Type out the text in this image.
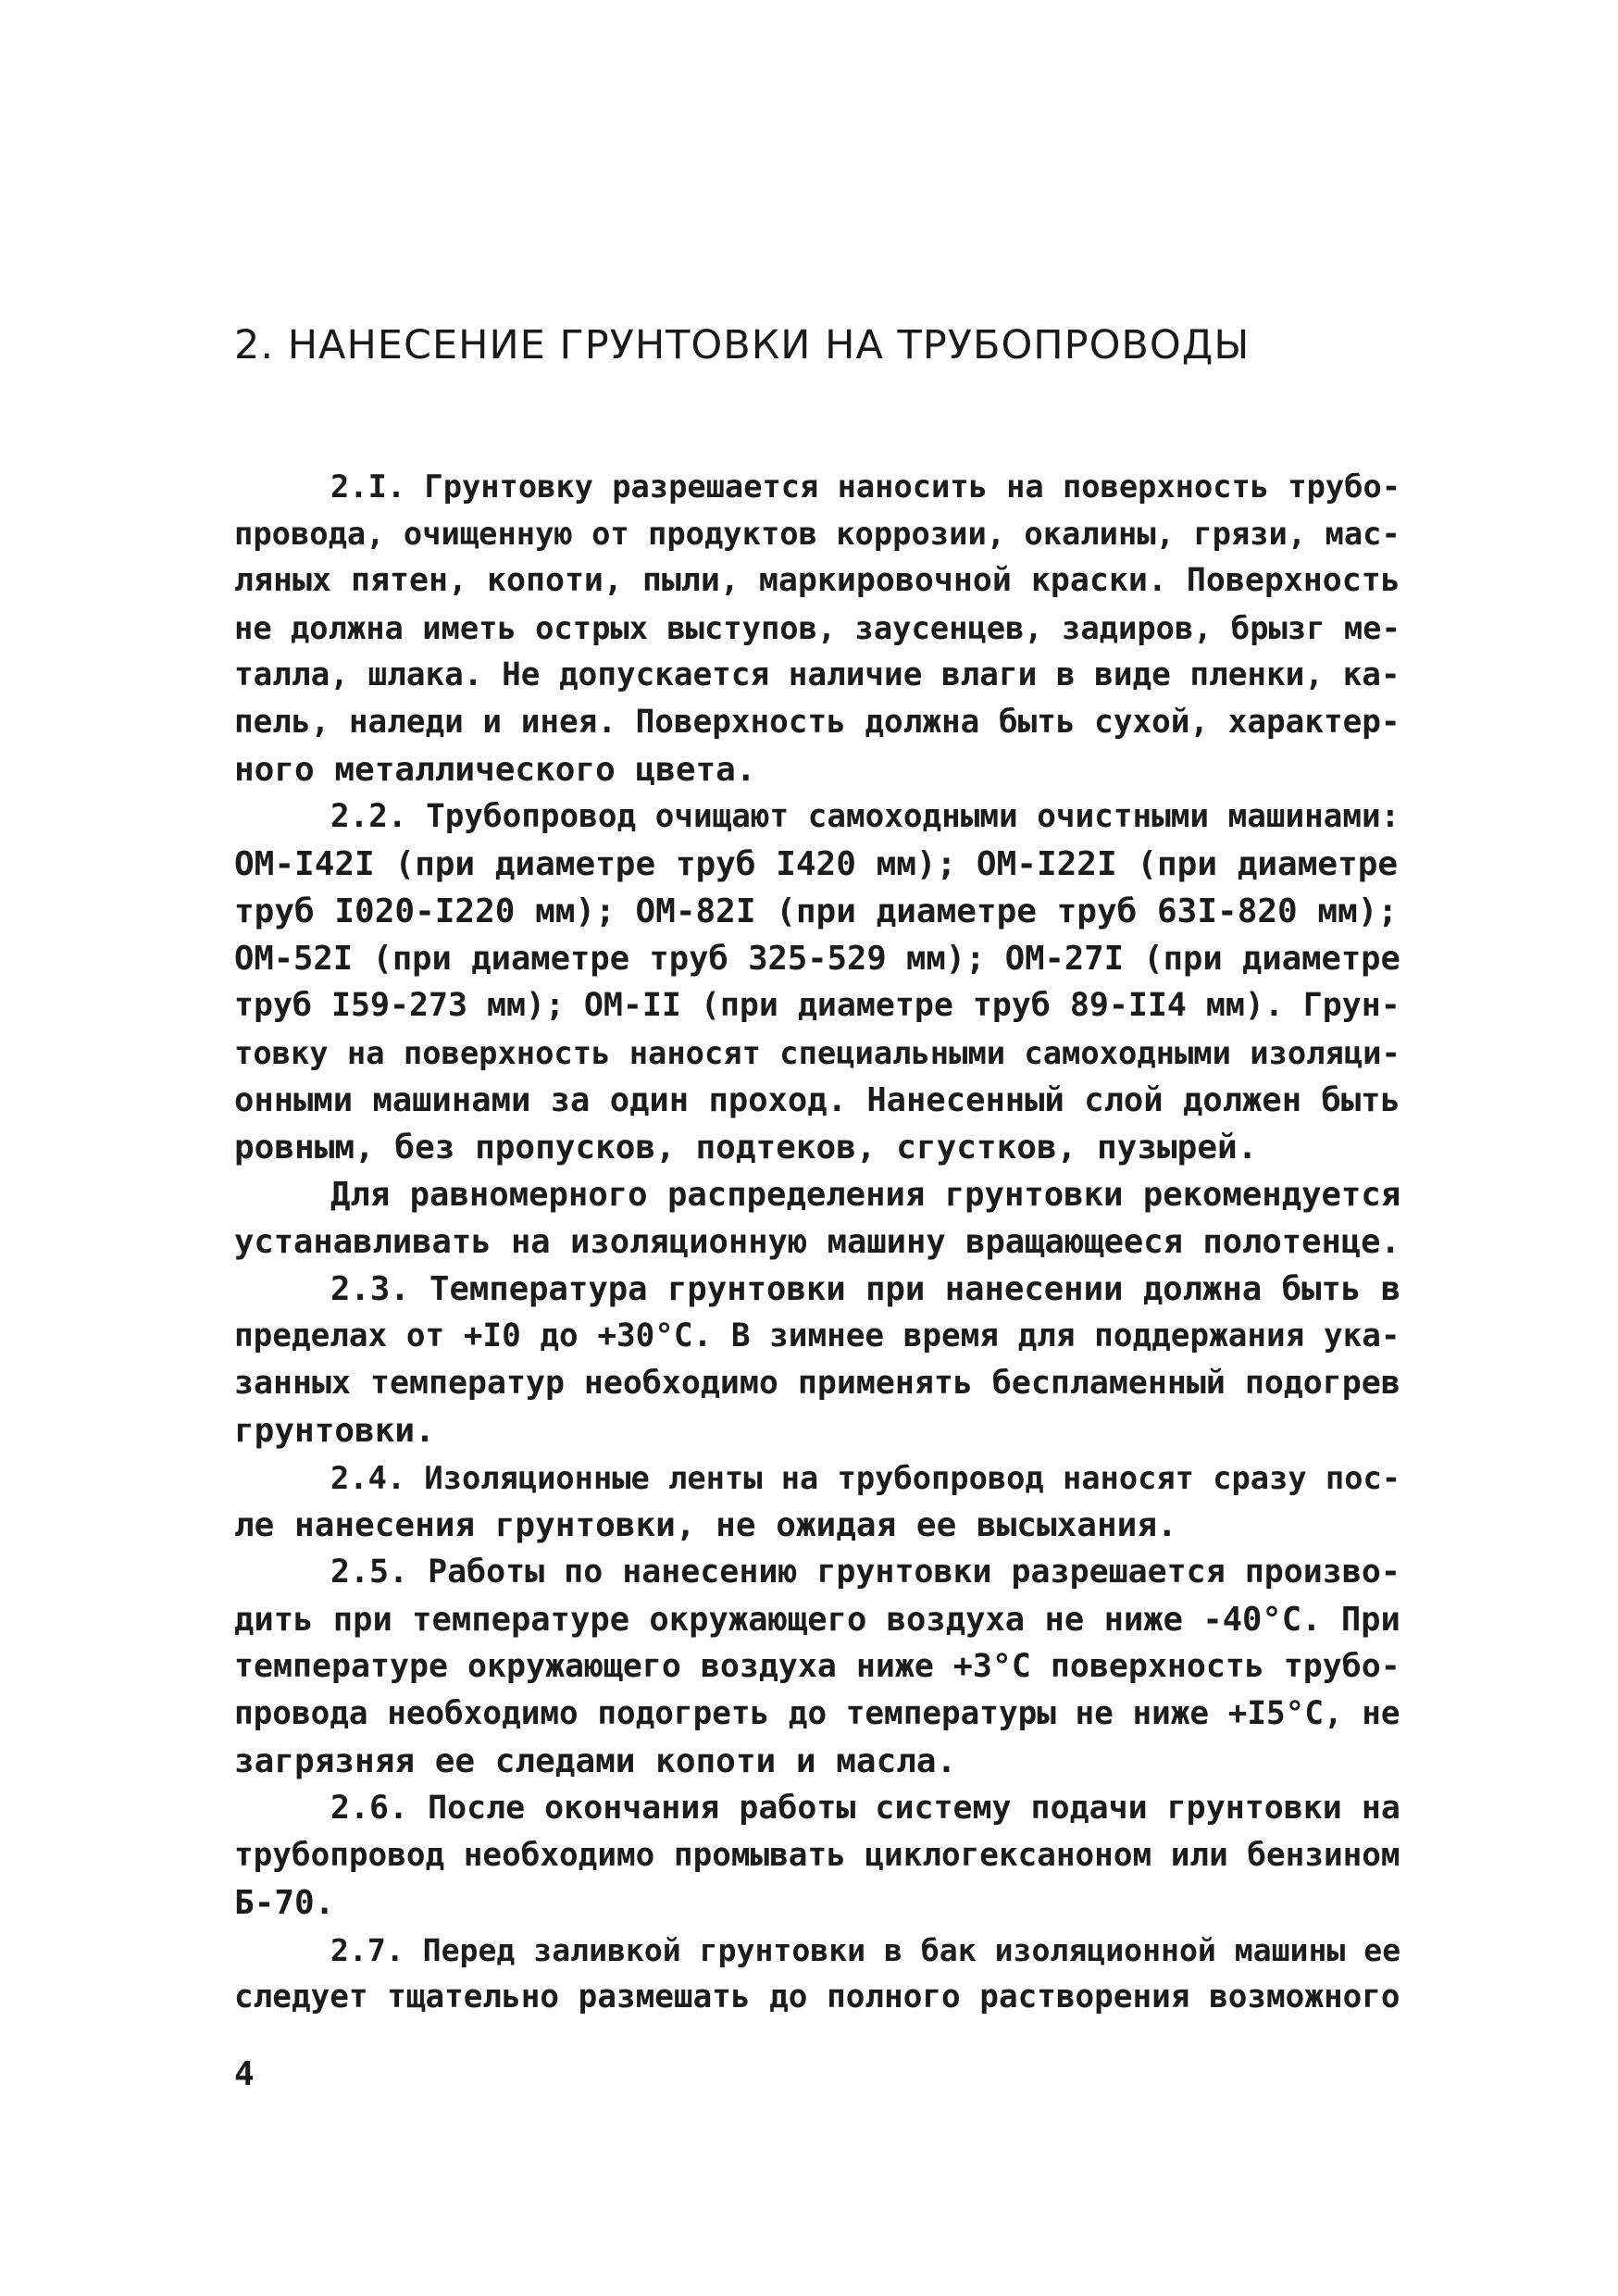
2. НАНЕСЕНИЕ ГРУНТОВКИ НА ТРУБОПРОВОДЫ
2.I. Грунтовку разрешается наносить на поверхность трубо-
провода, очищенную от продуктов коррозии, окалины, грязи, мас-
ляных пятен, копоти, пыли, маркировочной краски. Поверхность
не должна иметь острых выступов, заусенцев, задиров, брызг ме-
талла, шлака. Не допускается наличие влаги в виде пленки, ка-
пель, наледи и инея. Поверхность должна быть сухой, характер-
ного металлического цвета.
2.2. Трубопровод очищают самоходными очистными машинами:
ОМ-I42I (при диаметре труб I420 мм); ОМ-I22I (при диаметре
труб I020-I220 мм); ОМ-82I (при диаметре труб 63I-820 мм);
ОМ-52I (при диаметре труб 325-529 мм); ОМ-27I (при диаметре
труб I59-273 мм); ОМ-II (при диаметре труб 89-II4 мм). Грун-
товку на поверхность наносят специальными самоходными изоляци-
онными машинами за один проход. Нанесенный слой должен быть
ровным, без пропусков, подтеков, сгустков, пузырей.
Для равномерного распределения грунтовки рекомендуется
устанавливать на изоляционную машину вращающееся полотенце.
2.3. Температура грунтовки при нанесении должна быть в
пределах от +I0 до +30°С. В зимнее время для поддержания ука-
занных температур необходимо применять беспламенный подогрев
грунтовки.
2.4. Изоляционные ленты на трубопровод наносят сразу пос-
ле нанесения грунтовки, не ожидая ее высыхания.
2.5. Работы по нанесению грунтовки разрешается произво-
дить при температуре окружающего воздуха не ниже -40°С. При
температуре окружающего воздуха ниже +3°С поверхность трубо-
провода необходимо подогреть до температуры не ниже +I5°С, не
загрязняя ее следами копоти и масла.
2.6. После окончания работы систему подачи грунтовки на
трубопровод необходимо промывать циклогексаноном или бензином
Б-70.
2.7. Перед заливкой грунтовки в бак изоляционной машины ее
следует тщательно размешать до полного растворения возможного
4
